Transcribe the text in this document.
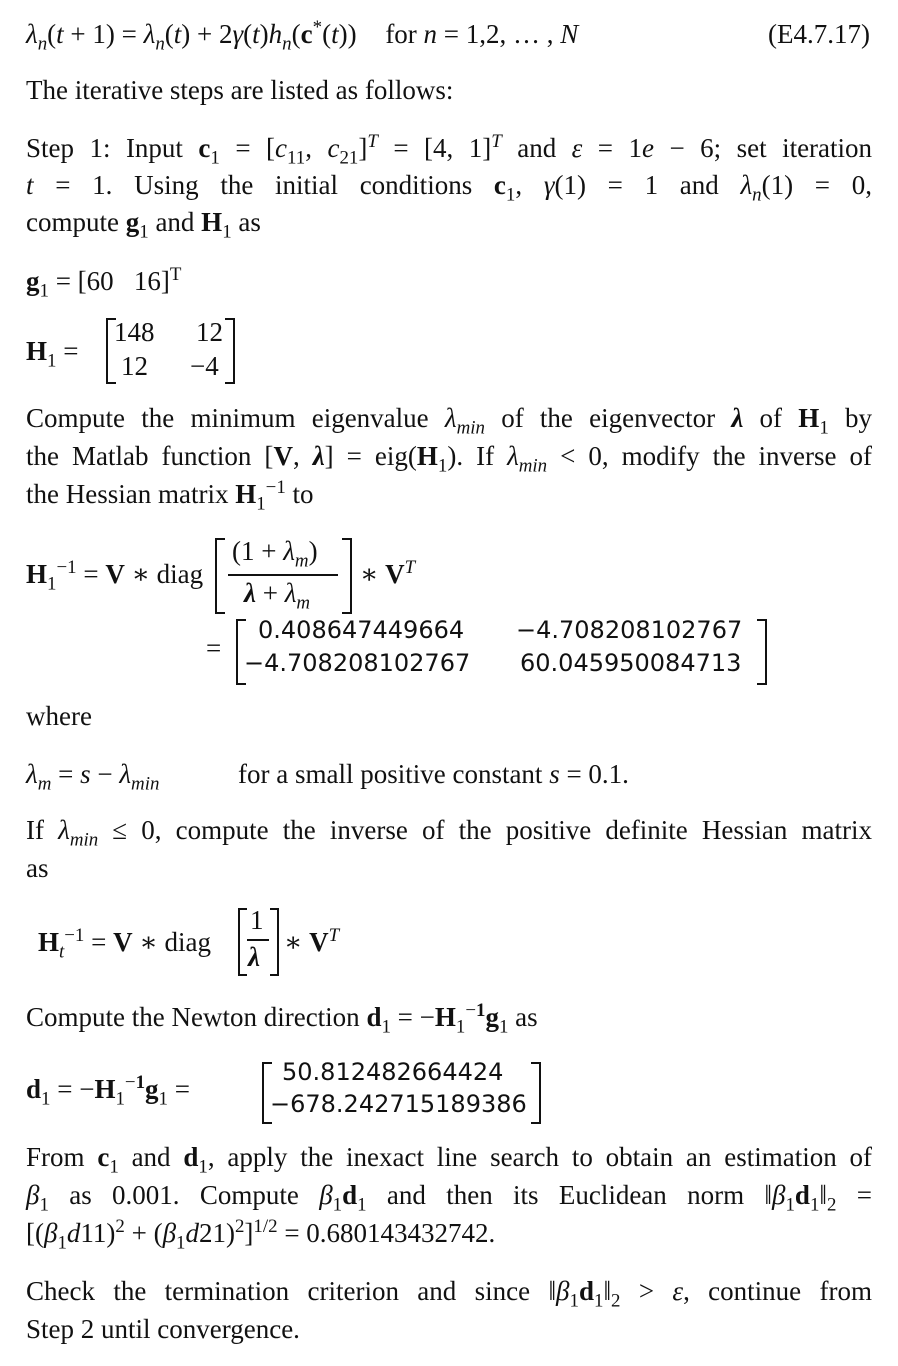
$\lambda_n(t + 1) = \lambda_n(t) + 2\gamma(t)h_n(c^*(t))$ for n = 1,2, … , N	(E4.7.17)
The iterative steps are listed as follows:
Step 1: Input $c_1 = [c_{11}$, $c_{21}]^T = [4$, 1]$^T$ and ε = 1e − 6; set iteration
t = 1. Using the initial conditions $c_1$, γ(1) = 1 and $\lambda_n(1) = 0$,
compute $g_1$ and $H_1$ as
$g_1 = [60$ 16]$^T$
$H_1$ =
148 12
12 −4
Compute the minimum eigenvalue $\lambda_{min}$ of the eigenvector λ of $H_1$ by
the Matlab function [V, $\lambda] = eig(H_1)$. If $\lambda_{min} < 0$, modify the inverse of
the Hessian matrix $H_1^{-1}$ to
$H_1^{-1} = V$ ∗ diag
$(1 + \lambda_m)$
$\lambda + \lambda_m$
∗ $V^T$
=
0.408647449664 −4.708208102767
−4.708208102767 60.045950084713
where
$\lambda_m = s - \lambda_{min}$	for a small positive constant s = 0.1.
If $\lambda_{min} \le 0$, compute the inverse of the positive definite Hessian matrix
as
$H_t^{-1} = V$ ∗ diag
1
λ ∗ $V^T$
Compute the Newton direction $d_1 = -H_1^{-1}g_1$ as
$d_1 = -H_1^{-1}g_1$ =
50.812482664424
−678.242715189386
From $c_1$ and $d_1$, apply the inexact line search to obtain an estimation of
$\beta_1$ as 0.001. Compute $\beta_1d_1$ and then its Euclidean norm $‖\beta_1d_1‖_2$ =
$[(\beta_1d11)^2 + (\beta_1d21)^2]^{1/2} = 0.680143432742$.
Check the termination criterion and since $‖\beta_1d_1‖_2 > \varepsilon$, continue from
Step 2 until convergence.
